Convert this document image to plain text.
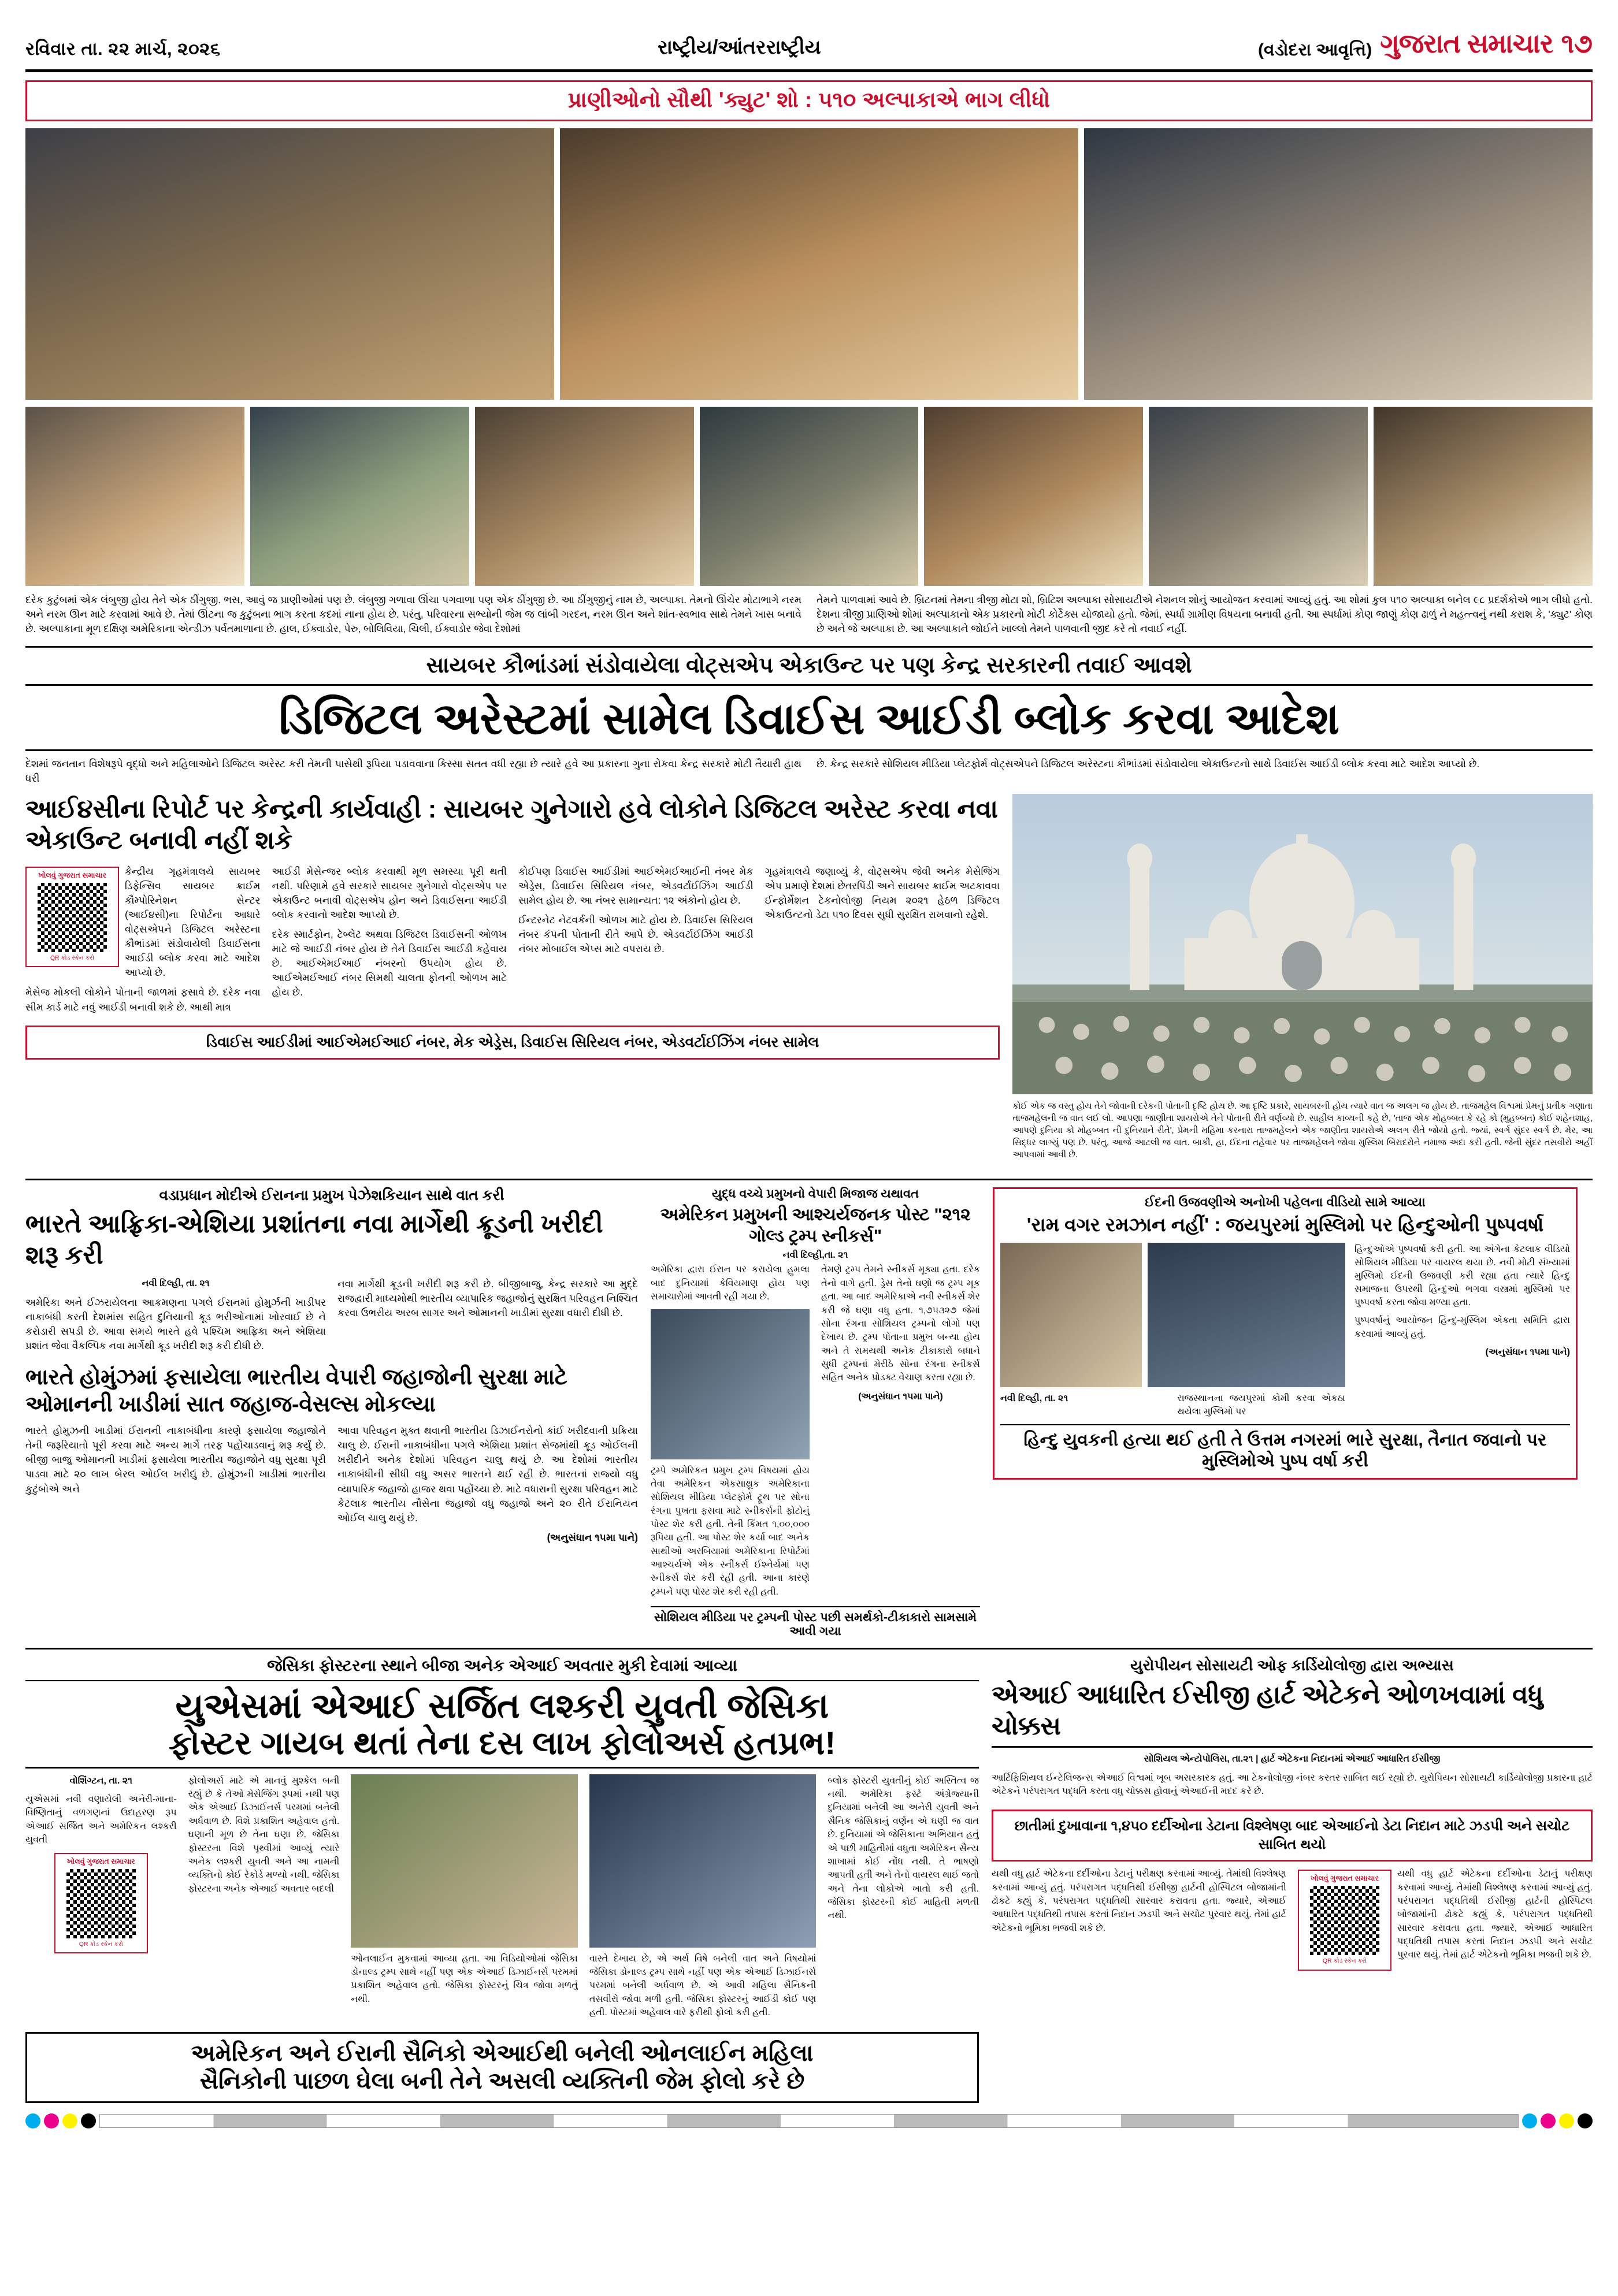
રવિવાર તા. ૨૨ માર્ચ, ૨૦૨૬	રાષ્ટ્રીય/આંતરરાષ્ટ્રીય	(વડોદરા આવૃત્તિ) ગુજરાત સમાચાર ૧૭
પ્રાણીઓનો સૌથી 'ક્યુટ' શો : ૫૧૦ અલ્પાકાએ ભાગ લીધો

દરેક કુટુંબમાં એક લંબુજી હોય તેને એક ઠીંગુજી. ભસ, આવું જ પ્રાણીઓમાં પણ છે. લંબુજી ગળાવા ઊંચા પગવાળા પણ એક ઠીંગુજી છે. આ ઠીંગુજીનું નામ છે, અલ્પાકા. તેમનો ઊંચેર મોટાભાગે નરમ અને નરમ ઊન માટે કરવામાં આવે છે. તેમાં ઊંટના જ કુટુંબના ભાગ કરતા કદમાં નાના હોય છે. પરંતુ, પરિવારના સભ્યોની જેમ જ લાંબી ગરદન, નરમ ઊન અને શાંત-સ્વભાવ સાથે તેમને ખાસ બનાવે છે. અલ્પાકાના મૂળ દક્ષિણ અમેરિકાના એન્ડીઝ પર્વતમાળાના છે. હાલ, ઈક્વાડોર, પેરુ, બોલિવિયા, ચિલી, ઈક્વાડોર જેવા દેશોમાં

તેમને પાળવામાં આવે છે. બ્રિટનમાં તેમના ત્રીજી મોટા શો, બ્રિટિશ અલ્પાકા સોસાયટીએ નેશનલ શોનું આયોજન કરવામાં આવ્યું હતું. આ શોમાં કુલ ૫૧૦ અલ્પાકા બનેલ ૯૮ પ્રદર્શકોએ ભાગ લીધો હતો. દેશના ત્રીજી પ્રાણિઓ શોમાં અલ્પાકાનો એક પ્રકારનો મોટી કોર્ટેક્સ યોજાયો હતો. જેમાં, સ્પર્ધા ગ્રામીણ વિષયના બનાવી હતી. આ સ્પર્ધામાં કોણ જાણું કોણ ઢાળું ને મહત્ત્વનું નથી કરાશ કે, 'ક્યુટ' કોણ છે અને જે અલ્પાકા છે. આ અલ્પાકાને જોઈને ખાલ્લો તેમને પાળવાની જીદ કરે તો નવાઈ નહીં.

સાયબર કૌભાંડમાં સંડોવાયેલા વોટ્સએપ એકાઉન્ટ પર પણ કેન્દ્ર સરકારની તવાઈ આવશે
ડિજિટલ અરેસ્ટમાં સામેલ ડિવાઈસ આઈડી બ્લોક કરવા આદેશ

દેશમાં જનતાન વિશેષરૂપે વૃદ્ધો અને મહિલાઓને ડિજિટલ અરેસ્ટ કરી તેમની પાસેથી રૂપિયા પડાવવાના કિસ્સા સતત વધી રહ્યા છે ત્યારે હવે આ પ્રકારના ગુના રોકવા કેન્દ્ર સરકારે મોટી તૈયારી હાથ ધરી

છે. કેન્દ્ર સરકારે સોશિયલ મીડિયા પ્લેટફોર્મ વોટ્સએપને ડિજિટલ અરેસ્ટના કૌભાંડમાં સંડોવાયેલા એકાઉન્ટનો સાથે ડિવાઈસ આઈડી બ્લોક કરવા માટે આદેશ આપ્યો છે.

આઈ૪સીના રિપોર્ટ પર કેન્દ્રની કાર્યવાહી : સાયબર ગુનેગારો હવે લોકોને ડિજિટલ અરેસ્ટ કરવા નવા એકાઉન્ટ બનાવી નહીં શકે
ખોલવું ગુજરાત સમાચાર
QR કોડ સ્કેન કરો

કેન્દ્રીય ગૃહમંત્રાલયે સાયબર ડિફેન્સિવ સાયબર ક્રાઈમ કૌમ્પોરિનેશન સેન્ટર (આઈ૪સી)ના રિપોર્ટના આધારે વોટ્સએપને ડિજિટલ અરેસ્ટના કૌભાંડમાં સંડોવાયેલી ડિવાઈસના આઈડી બ્લોક કરવા માટે આદેશ આપ્યો છે.

મેસેજ મોકલી લોકોને પોતાની જાળમાં ફસાવે છે. દરેક નવા સીમ કાર્ડ માટે નવું આઈડી બનાવી શકે છે. આથી માત્ર

આઈડી મેસેન્જર બ્લોક કરવાથી મૂળ સમસ્યા પૂરી થતી નથી. પરિણામે હવે સરકારે સાયબર ગુનેગારો વોટ્સએપ પર એકાઉન્ટ બનાવી વોટ્સએપ હોન અને ડિવાઈસના આઈડી બ્લોક કરવાનો આદેશ આપ્યો છે.

દરેક સ્માર્ટફોન, ટેબ્લેટ અથવા ડિજિટલ ડિવાઈસની ઓળખ માટે જે આઈડી નંબર હોય છે તેને ડિવાઈસ આઈડી કહેવાય છે. આઈએમઈઆઈ નંબરનો ઉપયોગ હોય છે. આઈએમઈઆઈ નંબર સિમથી ચાલતા ફોનની ઓળખ માટે હોય છે.

કોઈપણ ડિવાઈસ આઈડીમાં આઈએમઈઆઈની નંબર મેક એડ્રેસ, ડિવાઈસ સિરિયલ નંબર, એડવર્ટાઈઝિંગ આઈડી સામેલ હોય છે. આ નંબર સામાન્યત: ૧૨ અંકોનો હોય છે.

ઈન્ટરનેટ નેટવર્કની ઓળખ માટે હોય છે. ડિવાઈસ સિરિયલ નંબર કંપની પોતાની રીતે આપે છે. એડવર્ટાઈઝિંગ આઈડી નંબર મોબાઈલ એપ્સ માટે વપરાય છે.

ગૃહમંત્રાલયે જણાવ્યું કે, વોટ્સએપ જેવી અનેક મેસેજિંગ એપ પ્રમાણે દેશમાં છેતરપિંડી અને સાયબર ક્રાઈમ અટકાવવા ઈન્ફોર્મેશન ટેકનોલોજી નિયમ ૨૦૨૧ હેઠળ ડિજિટલ એકાઉન્ટનો ડેટા ૫૧૦ દિવસ સુધી સુરક્ષિત રાખવાનો રહેશે.

ડિવાઈસ આઈડીમાં આઈએમઈઆઈ નંબર, મેક એડ્રેસ, ડિવાઈસ સિરિયલ નંબર, એડવર્ટાઈઝિંગ નંબર સામેલ

કોઈ એક જ વસ્તુ હોય તેને જોવાની દરેકની પોતાની દૃષ્ટિ હોય છે. આ દૃષ્ટિ પ્રકારે, સાયબરની હોય ત્યારે વાત જ અલગ જ હોય છે. તાજમહેલ વિશ્વમાં પ્રેમનું પ્રતીક ગણાતા તાજમહેલની જ વાત લઈ લો. આપણા જાણીતા શાયરોએ તેને પોતાની રીતે વર્ણવ્યો છે. સાહીલ કાવ્યની કહે છે, 'તાજ એક મોહબ્બત કે રહે કો (મુહબ્બત) કોઈ શહેનશાહ, આપણે દુનિયા કો મોહબ્બત ની દુનિયાને રીતે', પ્રેમની મહિમા કરનારા તાજમહેલને એક જાણીતા શાયરોએ અલગ રીતે જોયો હતો. જ્યાં, સ્વર્ગ સુંદર સ્વર્ગ છે. મેર, આ સિદ્ધર લાગ્યું પણ છે. પરંતુ, આજે આટલી જ વાત. બાકી, હા, ઈદના તહેવાર પર તાજમહેલને જોવા મુસ્લિમ બિરાદરોને નમાજ અદા કરી હતી. જેની સુંદર તસવીરો અહીં આપવામાં આવી છે.

વડાપ્રધાન મોદીએ ઈરાનના પ્રમુખ પેઝેશકિયાન સાથે વાત કરી
ભારતે આફ્રિકા-એશિયા પ્રશાંતના નવા માર્ગેથી ક્રૂડની ખરીદી શરૂ કરી

નવી દિલ્હી, તા. ૨૧

અમેરિકા અને ઈઝરાયેલના આક્રમણના પગલે ઈરાનમાં હોમુર્ઝની ખાડીપર નાકાબંધી કરતી દેશમાંસ સહિત દુનિયાની ક્રૂડ ભરીઓનામાં ખોરવાઈ છે ને કરોડારી સપડી છે. આવા સમયે ભારતે હવે પશ્ચિમ આફ્રિકા અને એશિયા પ્રશાંત જેવા વૈકલ્પિક નવા માર્ગેથી ક્રૂડ ખરીદી શરૂ કરી દીધી છે.

નવા માર્ગેથી ક્રૂડની ખરીદી શરૂ કરી છે. બીજીબાજુ, કેન્દ્ર સરકારે આ મુદ્દે રાજદ્વારી માધ્યમોથી ભારતીય વ્યાપારિક જહાજોનું સુરક્ષિત પરિવહન નિશ્ચિત કરવા ઉભરીય અરબ સાગર અને ઓમાનની ખાડીમાં સુરક્ષા વધારી દીધી છે.

ભારતે હોમુંઝમાં ફસાયેલા ભારતીય વેપારી જહાજોની સુરક્ષા માટે ઓમાનની ખાડીમાં સાત જહાજ-વેસલ્સ મોકલ્યા

ભારતે હોમુઝની ખાડીમાં ઈરાનની નાકાબંધીના કારણે ફસાયેલા જહાજોને તેની જરૂરિયાતો પૂરી કરવા માટે અન્ય માર્ગે તરફ પહોંચાડવાનું શરૂ કર્યું છે. બીજી બાજુ ઓમાનની ખાડીમાં ફસાયેલા ભારતીય જહાજોને વધુ સુરક્ષા પૂરી પાડવા માટે ૨૦ લાખ બેરલ ઓઈલ ખરીદ્યું છે. હોમુંઝની ખાડીમાં ભારતીય કુટુંબોએ અને

આવા પરિવહન મુક્ત થવાની ભારતીય ડિઝાઈનરોનો કાંઈ ખરીદવાની પ્રક્રિયા ચાલુ છે. ઈરાની નાકાબંધીના પગલે એશિયા પ્રશાંત સેજમાંથી ક્રૂડ ઓઈલની ખરીદીને અનેક દેશોમાં પરિવહન ચાલુ થયું છે. આ દેશોમાં ભારતીય નાકાબંધીની સીધી વધુ અસર ભારતને થઈ રહી છે. ભારતનાં રાજ્યો વધુ વ્યાપારિક જહાજો હાજર થવા પહોંચ્યા છે. માટે વધારાની સુરક્ષા પરિવહન માટે કેટલાક ભારતીય નૌસેના જહાજો વધુ જહાજો અને ૨૦ રીતે ઈરાનિયન ઓઈલ ચાલુ થયું છે.

(અનુસંધાન ૧૫મા પાને)

યુદ્ધ વચ્ચે પ્રમુખનો વેપારી મિજાજ યથાવત
અમેરિકન પ્રમુખની આશ્ચર્યજનક પોસ્ટ "૨૧૨ ગોલ્ડ ટ્રમ્પ સ્નીકર્સ"
નવી દિલ્હી,તા. ૨૧

અમેરિકા દ્વારા ઈરાન પર કરાયેલા હુમલા બાદ દુનિયામાં કેવિયમાણ હોય પણ સમાચારોમાં આવતી રહી ગયા છે.

ટ્રમ્પે અમેરિકન પ્રમુખ ટ્રમ્પ વિષયમાં હોય તેવા અમેરિકન એકસાથ્રૂક અમેરિકાના સોશિયલ મીડિયા પ્લેટફોર્મ ટ્રૂથ પર સોના રંગના પુખતા ફસવા માટે સ્નીકર્સની ફોટોનું પોસ્ટ શેર કરી હતી. તેની કિંમત ૧,૦૦,૦૦૦ રૂપિયા હતી. આ પોસ્ટ શેર કર્યા બાદ અનેક સાથીઓ અરબિયામાં અમેરિકાના રિપોર્ટમાં આશ્ચર્યએ એક સ્નીકર્સ ઈશ્નેર્યમાં પણ સ્નીકર્સ શેર કરી રહી હતી. આના કારણે ટ્રમ્પને પણ પોસ્ટ શેર કરી રહી હતી.

તેમણે ટ્રમ્પ તેમને સ્નીકર્સ મૂક્યા હતા. દરેક તેનો વાગે હતી. ડ્રેસ તેનો ઘણો જ ટ્રમ્પ મૂક હતા. આ બાદ અમેરિકાએ નવી સ્નીકર્સ શેર કરી જે ઘણા વધુ હતા. ૧,૭૫૩૨૭ જેમાં સોના રંગના સોશિયલ ટ્રમ્પનો લોગો પણ દેખાય છે. ટ્રમ્પ પોતાના પ્રમુખ બન્યા હોય અને તે સમયથી અનેક ટીકાકારો બધાને સુધી ટ્રમ્પનાં મેરીઠે સોના રંગના સ્નીકર્સ સહિત અનેક પ્રોડક્ટ વેચાણ કરતા રહ્યા છે.

(અનુસંધાન ૧૫મા પાને)

સોશિયલ મીડિયા પર ટ્રમ્પની પોસ્ટ પછી સમર્થકો-ટીકાકારો સામસામે આવી ગયા
ઈદની ઉજવણીએ અનોખી પહેલના વીડિયો સામે આવ્યા
'રામ વગર રમઝાન નહીં' : જયપુરમાં મુસ્લિમો પર હિન્દુઓની પુષ્પવર્ષા

નવી દિલ્હી, તા. ૨૧	રાજસ્થાનના જયપુરમાં કોમી કરવા એકઠા થયેલા મુસ્લિમો પર

હિન્દુઓએ પુષ્પવર્ષા કરી હતી. આ અંગેના કેટલાક વીડિયો સોશિયલ મીડિયા પર વાયરલ થયા છે. નવી મોટી સંખ્યામાં મુસ્લિમો ઈદની ઉજવણી કરી રહ્યા હતા ત્યારે હિન્દુ સમાજના ઉપરથી હિન્દુઓ ભગવા વસ્ત્રમાં મુસ્લિમો પર પુષ્પવર્ષા કરતા જોવા મળ્યા હતા.

પુષ્પવર્ષાનું આયોજન હિન્દુ-મુસ્લિમ એકતા સમિતિ દ્વારા કરવામાં આવ્યું હતું.

(અનુસંધાન ૧૫મા પાને)

હિન્દુ યુવકની હત્યા થઈ હતી તે ઉત્તમ નગરમાં ભારે સુરક્ષા, તૈનાત જવાનો પર મુસ્લિમોએ પુષ્પ વર્ષા કરી
જેસિકા ફોસ્ટરના સ્થાને બીજા અનેક એઆઈ અવતાર મુકી દેવામાં આવ્યા
યુએસમાં એઆઈ સર્જિત લશ્કરી યુવતી જેસિકા
ફોસ્ટર ગાયબ થતાં તેના દસ લાખ ફોલોઅર્સ હતપ્રભ!

વોશિંગ્ટન, તા. ૨૧

યુએસમાં નવી વણાયેલી અનેરી-માના-વિષ્ણિતાનું વળગણનાં ઉદાહરણ રૂપ એઆઈ સર્જિત અને અમેરિકન લશ્કરી યુવતી

ખોલવું ગુજરાત સમાચાર
QR કોડ સ્કેન કરો

ફોલોઅર્સ માટે એ માનવું મુશ્કેલ બની રહ્યું છે કે તેઓ મેસેજિંગ રૂપમાં નથી પણ એક એઆઈ ડિઝાઈનર્સ પરમમાં બનેલી અર્ધવાળ છે. વિશે પ્રકાશિત અહેવાલ હતો. ઘણાની મૂળ છે તેના ઘણા છે. જેસિકા ફોસ્ટરના વિશે પૃથ્વીમાં આવ્યું ત્યારે અનેક લશ્કરી યુવતી અને આ નામની વ્યક્તિનો કોઈ રેકોર્ડ મળ્યો નથી. જેસિકા ફોસ્ટરના અનેક એઆઈ અવતાર બદલી

ઓનલાઈન મુકવામાં આવ્યા હતા. આ વિડિયોઓમાં જેસિકા ડોનાલ્ડ ટ્રમ્પ સાથે નહીં પણ એક એઆઈ ડિઝાઈનર્સ પરમમાં પ્રકાશિત અહેવાલ હતો. જેસિકા ફોસ્ટરનું ચિત્ર જોવા મળતું નથી.

વાસ્તે દેખાય છે, એ અર્થ વિષે બનેલી વાત અને વિષયોમાં જેસિકા ડોનાલ્ડ ટ્રમ્પ સાથે નહીં પણ એક એઆઈ ડિઝાઈનર્સ પરમમાં બનેલી અર્ધવાળ છે. એ આવી મહિલા સૈનિકની તસવીરો જોવા મળી હતી. જેસિકા ફોસ્ટરનું આઈડી કોઈ પણ હતી. પોસ્ટમાં અહેવાલ વારે ફરીથી ફોલો કરી હતી.

બ્લોક ફોસ્ટરી યુવતીનું કોઈ અસ્તિત્વ જ નથી. અમેરિકા ફર્સ્ટ અંગ્રેજ્યાની દુનિયામાં બનેલી આ અનેરી યુવતી અને સૈનિક જેસિકાનું વર્ણન એ ઘણી જ વાત છે. દુનિયામાં એ જેસિકાના અભિયાન હતું એ પછી માહિતીમાં વધુતા અમેરિકન સૈન્ય શાખામાં કોઈ નોંધ નથી. તે ભાષણો આપતી હતી અને તેનો વાયરલ થાઈ જતો અને તેના લોકોએ ખાતો કરી હતી. જેસિકા ફોસ્ટરની કોઈ માહિતી મળતી નથી.

અમેરિકન અને ઈરાની સૈનિકો એઆઈથી બનેલી ઓનલાઈન મહિલા
સૈનિકોની પાછળ ઘેલા બની તેને અસલી વ્યક્તિની જેમ ફોલો કરે છે
યુરોપીયન સોસાયટી ઓફ કાર્ડિયોલોજી દ્વારા અભ્યાસ
એઆઈ આધારિત ઈસીજી હાર્ટ એટેકને ઓળખવામાં વધુ ચોક્કસ

સોશિયલ એન્ટોપોલિસ, તા.૨૧ | હાર્ટ એટેકના નિદાનમાં એઆઈ આધારિત ઈસીજી

આર્ટિફિશિયલ ઈન્ટેલિજન્સ એઆઈ વિશ્વમાં ખૂબ અસરકારક હતું. આ ટેકનોલોજી નંબર કરતર સાબિત થઈ રહ્યો છે. યુરોપિયન સોસાયટી કાર્ડિયોલોજી પ્રકારના હાર્ટ એટેકને પરંપરાગત પદ્ધતિ કરતા વધુ ચોક્કસ હોવાનું એઆઈની મદદ કરે છે.

છાતીમાં દુખાવાના ૧,૪૫૦ દર્દીઓના ડેટાના વિશ્લેષણ બાદ એઆઈનો ડેટા નિદાન માટે ઝડપી અને સચોટ સાબિત થયો

યથી વધુ હાર્ટ એટેકના દર્દીઓના ડેટાનું પરીક્ષણ કરવામાં આવ્યું. તેમાંથી વિશ્લેષણ કરવામાં આવ્યું હતું. પરંપરાગત પદ્ધતિથી ઈસીજી હાર્ટની હોસ્પિટલ બોજામાંની ઢોકટે કહ્યું કે, પરંપરાગત પદ્ધતિથી સારવાર કરાવતા હતા. જ્યારે, એઆઈ આધારિત પદ્ધતિથી તપાસ કરતાં નિદાન ઝડપી અને સચોટ પુરવાર થયું. તેમાં હાર્ટ એટેકનો ભૂમિકા ભજવી શકે છે.

ખોલવું ગુજરાત સમાચાર
QR કોડ સ્કેન કરો

યથી વધુ હાર્ટ એટેકના દર્દીઓના ડેટાનું પરીક્ષણ કરવામાં આવ્યું. તેમાંથી વિશ્લેષણ કરવામાં આવ્યું હતું. પરંપરાગત પદ્ધતિથી ઈસીજી હાર્ટની હોસ્પિટલ બોજામાંની ઢોકટે કહ્યું કે, પરંપરાગત પદ્ધતિથી સારવાર કરાવતા હતા. જ્યારે, એઆઈ આધારિત પદ્ધતિથી તપાસ કરતાં નિદાન ઝડપી અને સચોટ પુરવાર થયું. તેમાં હાર્ટ એટેકનો ભૂમિકા ભજવી શકે છે.
